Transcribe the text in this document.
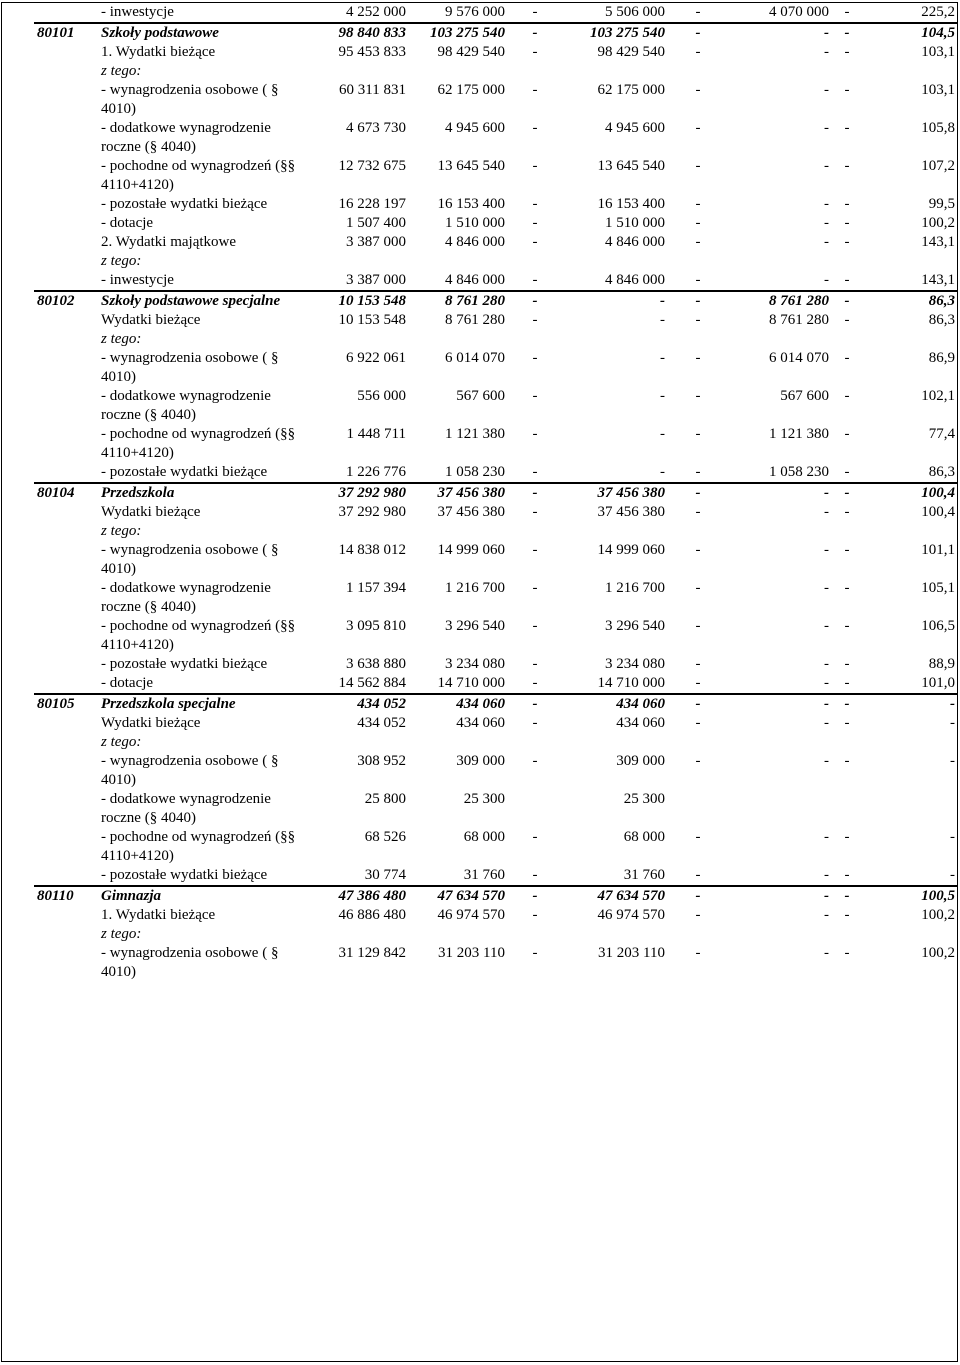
	- inwestycje	4 252 000	9 576 000	-	5 506 000	-	4 070 000	-	225,2
80101	Szkoły podstawowe	98 840 833	103 275 540	-	103 275 540	-	-	-	104,5
	1. Wydatki bieżące	95 453 833	98 429 540	-	98 429 540	-	-	-	103,1
	z tego:								
	- wynagrodzenia osobowe ( § 4010)	60 311 831	62 175 000	-	62 175 000	-	-	-	103,1
	- dodatkowe wynagrodzenie roczne (§ 4040)	4 673 730	4 945 600	-	4 945 600	-	-	-	105,8
	- pochodne od wynagrodzeń (§§ 4110+4120)	12 732 675	13 645 540	-	13 645 540	-	-	-	107,2
	- pozostałe wydatki bieżące	16 228 197	16 153 400	-	16 153 400	-	-	-	99,5
	- dotacje	1 507 400	1 510 000	-	1 510 000	-	-	-	100,2
	2. Wydatki majątkowe	3 387 000	4 846 000	-	4 846 000	-	-	-	143,1
	z tego:								
	- inwestycje	3 387 000	4 846 000	-	4 846 000	-	-	-	143,1
80102	Szkoły podstawowe specjalne	10 153 548	8 761 280	-	-	-	8 761 280	-	86,3
	Wydatki bieżące	10 153 548	8 761 280	-	-	-	8 761 280	-	86,3
	z tego:								
	- wynagrodzenia osobowe ( § 4010)	6 922 061	6 014 070	-	-	-	6 014 070	-	86,9
	- dodatkowe wynagrodzenie roczne (§ 4040)	556 000	567 600	-	-	-	567 600	-	102,1
	- pochodne od wynagrodzeń (§§ 4110+4120)	1 448 711	1 121 380	-	-	-	1 121 380	-	77,4
	- pozostałe wydatki bieżące	1 226 776	1 058 230	-	-	-	1 058 230	-	86,3
80104	Przedszkola	37 292 980	37 456 380	-	37 456 380	-	-	-	100,4
	Wydatki bieżące	37 292 980	37 456 380	-	37 456 380	-	-	-	100,4
	z tego:								
	- wynagrodzenia osobowe ( § 4010)	14 838 012	14 999 060	-	14 999 060	-	-	-	101,1
	- dodatkowe wynagrodzenie roczne (§ 4040)	1 157 394	1 216 700	-	1 216 700	-	-	-	105,1
	- pochodne od wynagrodzeń (§§ 4110+4120)	3 095 810	3 296 540	-	3 296 540	-	-	-	106,5
	- pozostałe wydatki bieżące	3 638 880	3 234 080	-	3 234 080	-	-	-	88,9
	- dotacje	14 562 884	14 710 000	-	14 710 000	-	-	-	101,0
80105	Przedszkola specjalne	434 052	434 060	-	434 060	-	-	-	-
	Wydatki bieżące	434 052	434 060	-	434 060	-	-	-	-
	z tego:								
	- wynagrodzenia osobowe ( § 4010)	308 952	309 000	-	309 000	-	-	-	-
	- dodatkowe wynagrodzenie roczne (§ 4040)	25 800	25 300		25 300				
	- pochodne od wynagrodzeń (§§ 4110+4120)	68 526	68 000	-	68 000	-	-	-	-
	- pozostałe wydatki bieżące	30 774	31 760	-	31 760	-	-	-	-
80110	Gimnazja	47 386 480	47 634 570	-	47 634 570	-	-	-	100,5
	1. Wydatki bieżące	46 886 480	46 974 570	-	46 974 570	-	-	-	100,2
	z tego:								
	- wynagrodzenia osobowe ( § 4010)	31 129 842	31 203 110	-	31 203 110	-	-	-	100,2
